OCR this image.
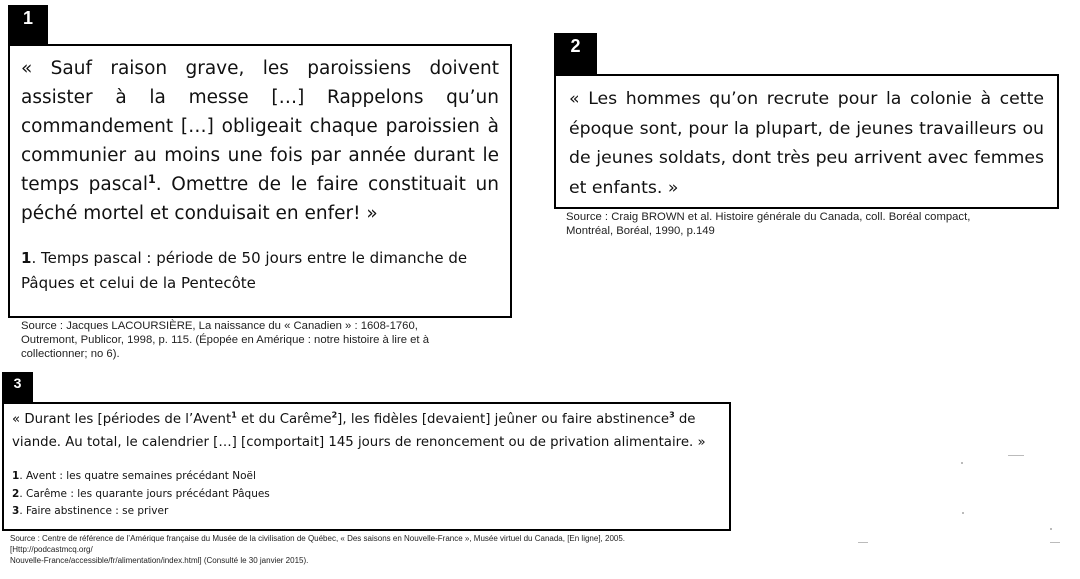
1

« Sauf raison grave, les paroissiens doivent assister à la messe […] Rappelons qu’un commandement […] obligeait chaque paroissien à communier au moins une fois par année durant le temps pascal$^1$. Omettre de le faire constituait un péché mortel et conduisait en enfer! »

1. Temps pascal : période de 50 jours entre le dimanche de Pâques et celui de la Pentecôte

Source : Jacques LACOURSIÈRE, La naissance du « Canadien » : 1608-1760,
Outremont, Publicor, 1998, p. 115. (Épopée en Amérique : notre histoire à lire et à
collectionner; no 6).

2

« Les hommes qu’on recrute pour la colonie à cette époque sont, pour la plupart, de jeunes travailleurs ou de jeunes soldats, dont très peu arrivent avec femmes et enfants. »

Source : Craig BROWN et al. Histoire générale du Canada, coll. Boréal compact,
Montréal, Boréal, 1990, p.149

3

« Durant les [périodes de l’Avent$^1$ et du Carême$^2$], les fidèles [devaient] jeûner ou faire abstinence$^3$ de viande. Au total, le calendrier […] [comportait] 145 jours de renoncement ou de privation alimentaire. »

1. Avent : les quatre semaines précédant Noël

2. Carême : les quarante jours précédant Pâques

3. Faire abstinence : se priver

Source : Centre de référence de l’Amérique française du Musée de la civilisation de Québec, « Des saisons en Nouvelle-France », Musée virtuel du Canada, [En ligne], 2005.
[Http://podcastmcq.org/
Nouvelle-France/accessible/fr/alimentation/index.html] (Consulté le 30 janvier 2015).
